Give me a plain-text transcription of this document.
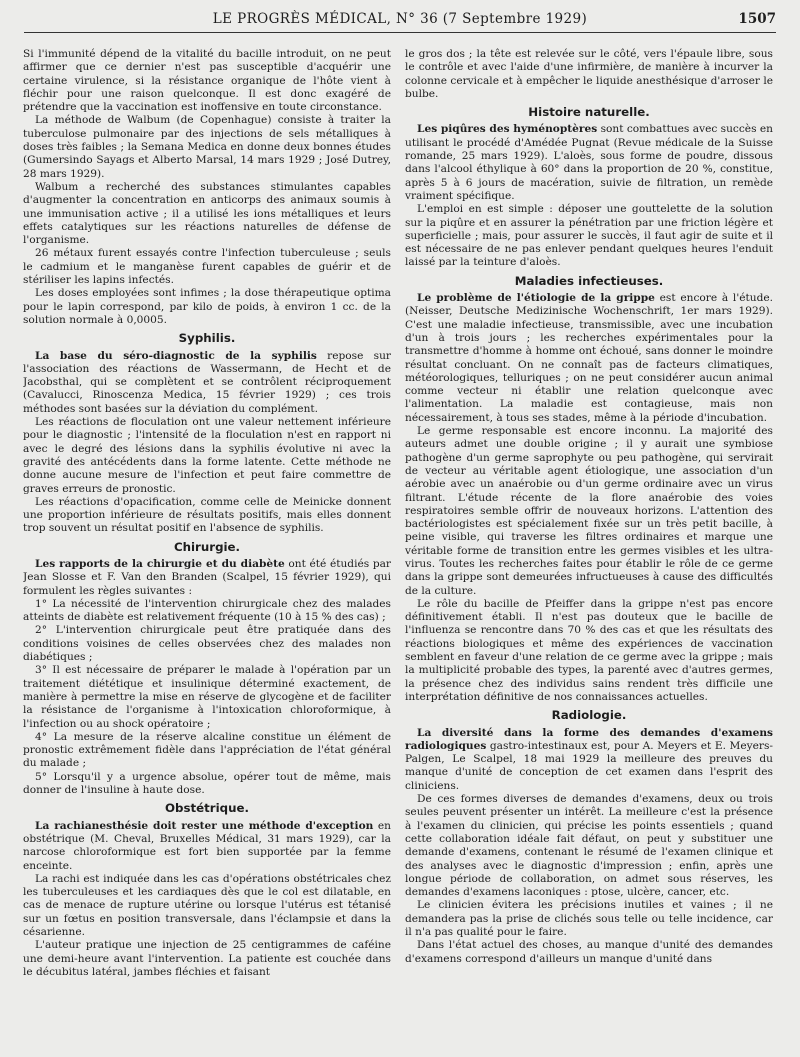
LE PROGRÈS MÉDICAL, N° 36 (7 Septembre 1929)	1507

Si l'immunité dépend de la vitalité du bacille introduit, on ne peut affirmer que ce dernier n'est pas susceptible d'acquérir une certaine virulence, si la résistance organique de l'hôte vient à fléchir pour une raison quelconque. Il est donc exagéré de prétendre que la vaccination est inoffensive en toute circonstance.

La méthode de Walbum (de Copenhague) consiste à traiter la tuberculose pulmonaire par des injections de sels métalliques à doses très faibles ; la Semana Medica en donne deux bonnes études (Gumersindo Sayags et Alberto Marsal, 14 mars 1929 ; José Dutrey, 28 mars 1929).

Walbum a recherché des substances stimulantes capables d'augmenter la concentration en anticorps des animaux soumis à une immunisation active ; il a utilisé les ions métalliques et leurs effets catalytiques sur les réactions naturelles de défense de l'organisme.

26 métaux furent essayés contre l'infection tuberculeuse ; seuls le cadmium et le manganèse furent capables de guérir et de stériliser les lapins infectés.

Les doses employées sont infimes ; la dose thérapeutique optima pour le lapin correspond, par kilo de poids, à environ 1 cc. de la solution normale à 0,0005.

Syphilis.

La base du séro-diagnostic de la syphilis repose sur l'association des réactions de Wassermann, de Hecht et de Jacobsthal, qui se complètent et se contrôlent réciproquement (Cavalucci, Rinoscenza Medica, 15 février 1929) ; ces trois méthodes sont basées sur la déviation du complément.

Les réactions de floculation ont une valeur nettement inférieure pour le diagnostic ; l'intensité de la floculation n'est en rapport ni avec le degré des lésions dans la syphilis évolutive ni avec la gravité des antécédents dans la forme latente. Cette méthode ne donne aucune mesure de l'infection et peut faire commettre de graves erreurs de pronostic.

Les réactions d'opacification, comme celle de Meinicke donnent une proportion inférieure de résultats positifs, mais elles donnent trop souvent un résultat positif en l'absence de syphilis.

Chirurgie.

Les rapports de la chirurgie et du diabète ont été étudiés par Jean Slosse et F. Van den Branden (Scalpel, 15 février 1929), qui formulent les règles suivantes :

1° La nécessité de l'intervention chirurgicale chez des malades atteints de diabète est relativement fréquente (10 à 15 % des cas) ;

2° L'intervention chirurgicale peut être pratiquée dans des conditions voisines de celles observées chez des malades non diabétiques ;

3° Il est nécessaire de préparer le malade à l'opération par un traitement diététique et insulinique déterminé exactement, de manière à permettre la mise en réserve de glycogène et de faciliter la résistance de l'organisme à l'intoxication chloroformique, à l'infection ou au shock opératoire ;

4° La mesure de la réserve alcaline constitue un élément de pronostic extrêmement fidèle dans l'appréciation de l'état général du malade ;

5° Lorsqu'il y a urgence absolue, opérer tout de même, mais donner de l'insuline à haute dose.

Obstétrique.

La rachianesthésie doit rester une méthode d'exception en obstétrique (M. Cheval, Bruxelles Médical, 31 mars 1929), car la narcose chloroformique est fort bien supportée par la femme enceinte.

La rachi est indiquée dans les cas d'opérations obstétricales chez les tuberculeuses et les cardiaques dès que le col est dilatable, en cas de menace de rupture utérine ou lorsque l'utérus est tétanisé sur un fœtus en position transversale, dans l'éclampsie et dans la césarienne.

L'auteur pratique une injection de 25 centigrammes de caféine une demi-heure avant l'intervention. La patiente est couchée dans le décubitus latéral, jambes fléchies et faisant

le gros dos ; la tête est relevée sur le côté, vers l'épaule libre, sous le contrôle et avec l'aide d'une infirmière, de manière à incurver la colonne cervicale et à empêcher le liquide anesthésique d'arroser le bulbe.

Histoire naturelle.

Les piqûres des hyménoptères sont combattues avec succès en utilisant le procédé d'Amédée Pugnat (Revue médicale de la Suisse romande, 25 mars 1929). L'aloès, sous forme de poudre, dissous dans l'alcool éthylique à 60° dans la proportion de 20 %, constitue, après 5 à 6 jours de macération, suivie de filtration, un remède vraiment spécifique.

L'emploi en est simple : déposer une gouttelette de la solution sur la piqûre et en assurer la pénétration par une friction légère et superficielle ; mais, pour assurer le succès, il faut agir de suite et il est nécessaire de ne pas enlever pendant quelques heures l'enduit laissé par la teinture d'aloès.

Maladies infectieuses.

Le problème de l'étiologie de la grippe est encore à l'étude. (Neisser, Deutsche Medizinische Wochenschrift, 1er mars 1929). C'est une maladie infectieuse, transmissible, avec une incubation d'un à trois jours ; les recherches expérimentales pour la transmettre d'homme à homme ont échoué, sans donner le moindre résultat concluant. On ne connaît pas de facteurs climatiques, météorologiques, telluriques ; on ne peut considérer aucun animal comme vecteur ni établir une relation quelconque avec l'alimentation. La maladie est contagieuse, mais non nécessairement, à tous ses stades, même à la période d'incubation.

Le germe responsable est encore inconnu. La majorité des auteurs admet une double origine ; il y aurait une symbiose pathogène d'un germe saprophyte ou peu pathogène, qui servirait de vecteur au véritable agent étiologique, une association d'un aérobie avec un anaérobie ou d'un germe ordinaire avec un virus filtrant. L'étude récente de la flore anaérobie des voies respiratoires semble offrir de nouveaux horizons. L'attention des bactériologistes est spécialement fixée sur un très petit bacille, à peine visible, qui traverse les filtres ordinaires et marque une véritable forme de transition entre les germes visibles et les ultra-virus. Toutes les recherches faites pour établir le rôle de ce germe dans la grippe sont demeurées infructueuses à cause des difficultés de la culture.

Le rôle du bacille de Pfeiffer dans la grippe n'est pas encore définitivement établi. Il n'est pas douteux que le bacille de l'influenza se rencontre dans 70 % des cas et que les résultats des réactions biologiques et même des expériences de vaccination semblent en faveur d'une relation de ce germe avec la grippe ; mais la multiplicité probable des types, la parenté avec d'autres germes, la présence chez des individus sains rendent très difficile une interprétation définitive de nos connaissances actuelles.

Radiologie.

La diversité dans la forme des demandes d'examens radiologiques gastro-intestinaux est, pour A. Meyers et E. Meyers-Palgen, Le Scalpel, 18 mai 1929 la meilleure des preuves du manque d'unité de conception de cet examen dans l'esprit des cliniciens.

De ces formes diverses de demandes d'examens, deux ou trois seules peuvent présenter un intérêt. La meilleure c'est la présence à l'examen du clinicien, qui précise les points essentiels ; quand cette collaboration idéale fait défaut, on peut y substituer une demande d'examens, contenant le résumé de l'examen clinique et des analyses avec le diagnostic d'impression ; enfin, après une longue période de collaboration, on admet sous réserves, les demandes d'examens laconiques : ptose, ulcère, cancer, etc.

Le clinicien évitera les précisions inutiles et vaines ; il ne demandera pas la prise de clichés sous telle ou telle incidence, car il n'a pas qualité pour le faire.

Dans l'état actuel des choses, au manque d'unité des demandes d'examens correspond d'ailleurs un manque d'unité dans
